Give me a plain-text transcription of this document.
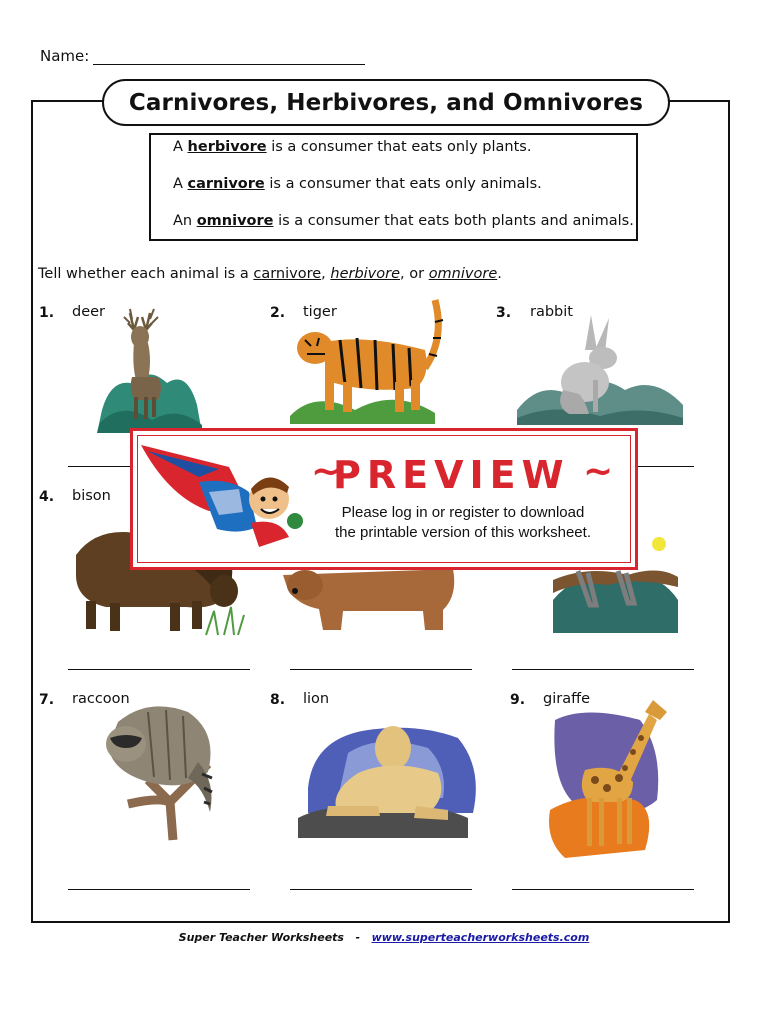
Name:
Carnivores, Herbivores, and Omnivores
A herbivore is a consumer that eats only plants.
A carnivore is a consumer that eats only animals.
An omnivore is a consumer that eats both plants and animals.
Tell whether each animal is a carnivore, herbivore, or omnivore.
1. deer	2. tiger	3. rabbit
4. bison
7. raccoon	8. lion	9. giraffe
~
PREVIEW ~
Please log in or register to download
the printable version of this worksheet.
Super Teacher Worksheets - www.superteacherworksheets.com
